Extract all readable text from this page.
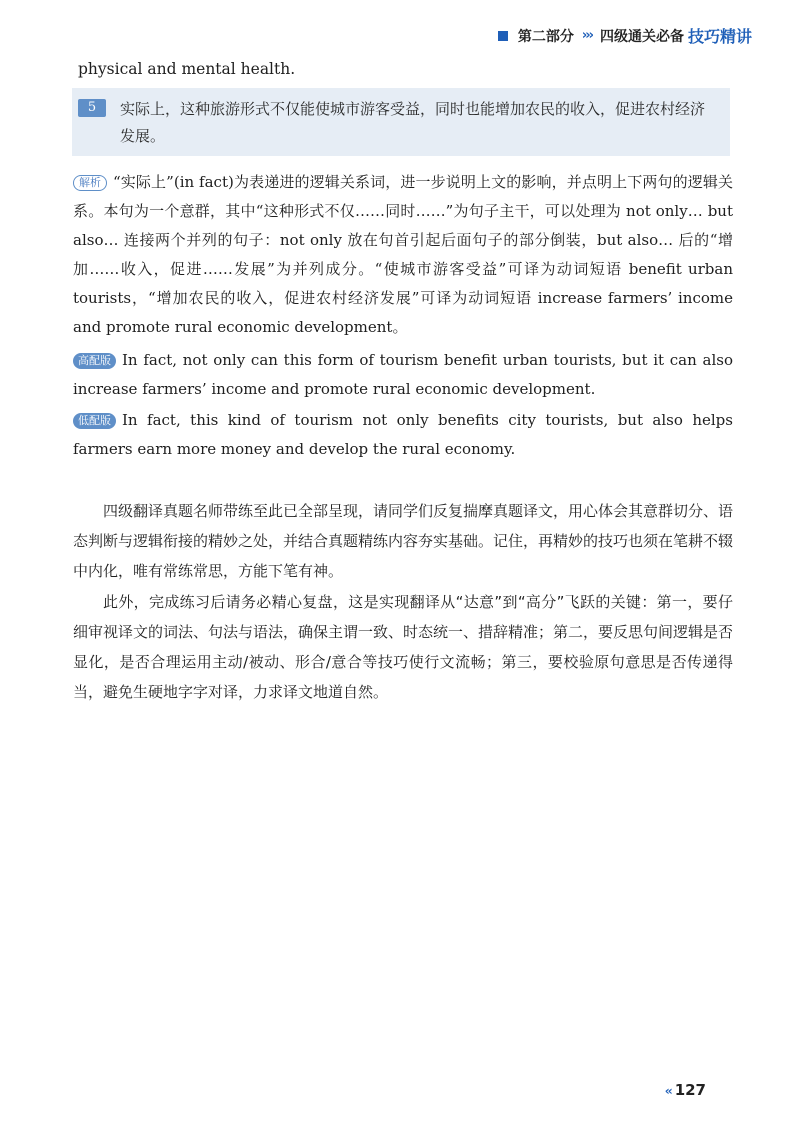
第二部分 ››› 四级通关必备 技巧精讲
physical and mental health.
5	实际上，这种旅游形式不仅能使城市游客受益，同时也能增加农民的收入，促进农村经济发展。

解析 “实际上”(in fact)为表递进的逻辑关系词，进一步说明上文的影响，并点明上下两句的逻辑关系。本句为一个意群，其中“这种形式不仅……同时……”为句子主干，可以处理为 not only… but also… 连接两个并列的句子：not only 放在句首引起后面句子的部分倒装，but also… 后的“增加……收入，促进……发展”为并列成分。“使城市游客受益”可译为动词短语 benefit urban tourists，“增加农民的收入，促进农村经济发展”可译为动词短语 increase farmers’ income and promote rural economic development。

高配版 In fact, not only can this form of tourism benefit urban tourists, but it can also increase farmers’ income and promote rural economic development.

低配版 In fact, this kind of tourism not only benefits city tourists, but also helps farmers earn more money and develop the rural economy.

四级翻译真题名师带练至此已全部呈现，请同学们反复揣摩真题译文，用心体会其意群切分、语态判断与逻辑衔接的精妙之处，并结合真题精练内容夯实基础。记住，再精妙的技巧也须在笔耕不辍中内化，唯有常练常思，方能下笔有神。

此外，完成练习后请务必精心复盘，这是实现翻译从“达意”到“高分”飞跃的关键：第一，要仔细审视译文的词法、句法与语法，确保主谓一致、时态统一、措辞精准；第二，要反思句间逻辑是否显化，是否合理运用主动/被动、形合/意合等技巧使行文流畅；第三，要校验原句意思是否传递得当，避免生硬地字字对译，力求译文地道自然。

‹‹ 127
